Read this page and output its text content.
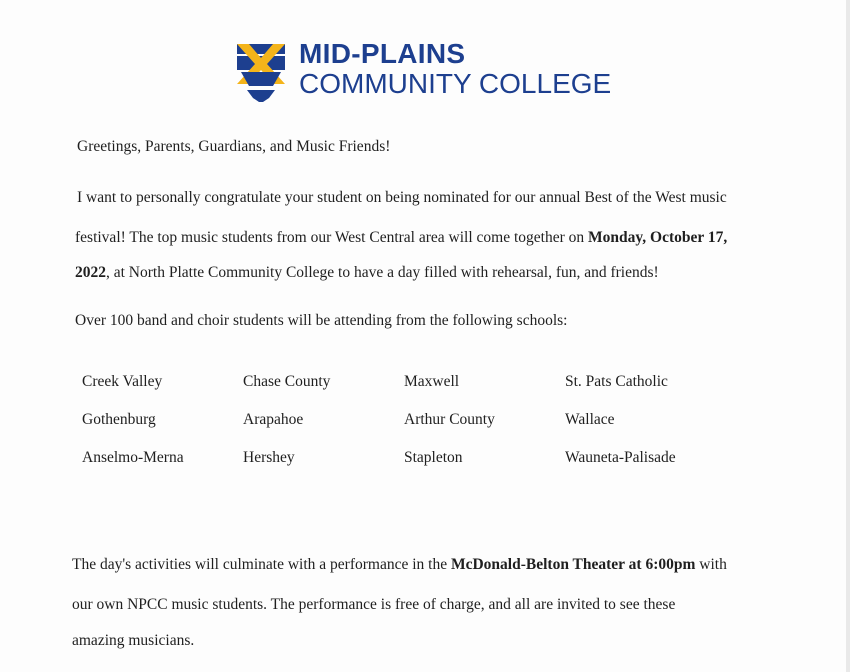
MID-PLAINS
COMMUNITY COLLEGE
Greetings, Parents, Guardians, and Music Friends!
I want to personally congratulate your student on being nominated for our annual Best of the West music
festival! The top music students from our West Central area will come together on Monday, October 17,
2022, at North Platte Community College to have a day filled with rehearsal, fun, and friends!
Over 100 band and choir students will be attending from the following schools:
Creek Valley	Chase County	Maxwell	St. Pats Catholic
Gothenburg	Arapahoe	Arthur County	Wallace
Anselmo-Merna	Hershey	Stapleton	Wauneta-Palisade
The day's activities will culminate with a performance in the McDonald-Belton Theater at 6:00pm with
our own NPCC music students. The performance is free of charge, and all are invited to see these
amazing musicians.
